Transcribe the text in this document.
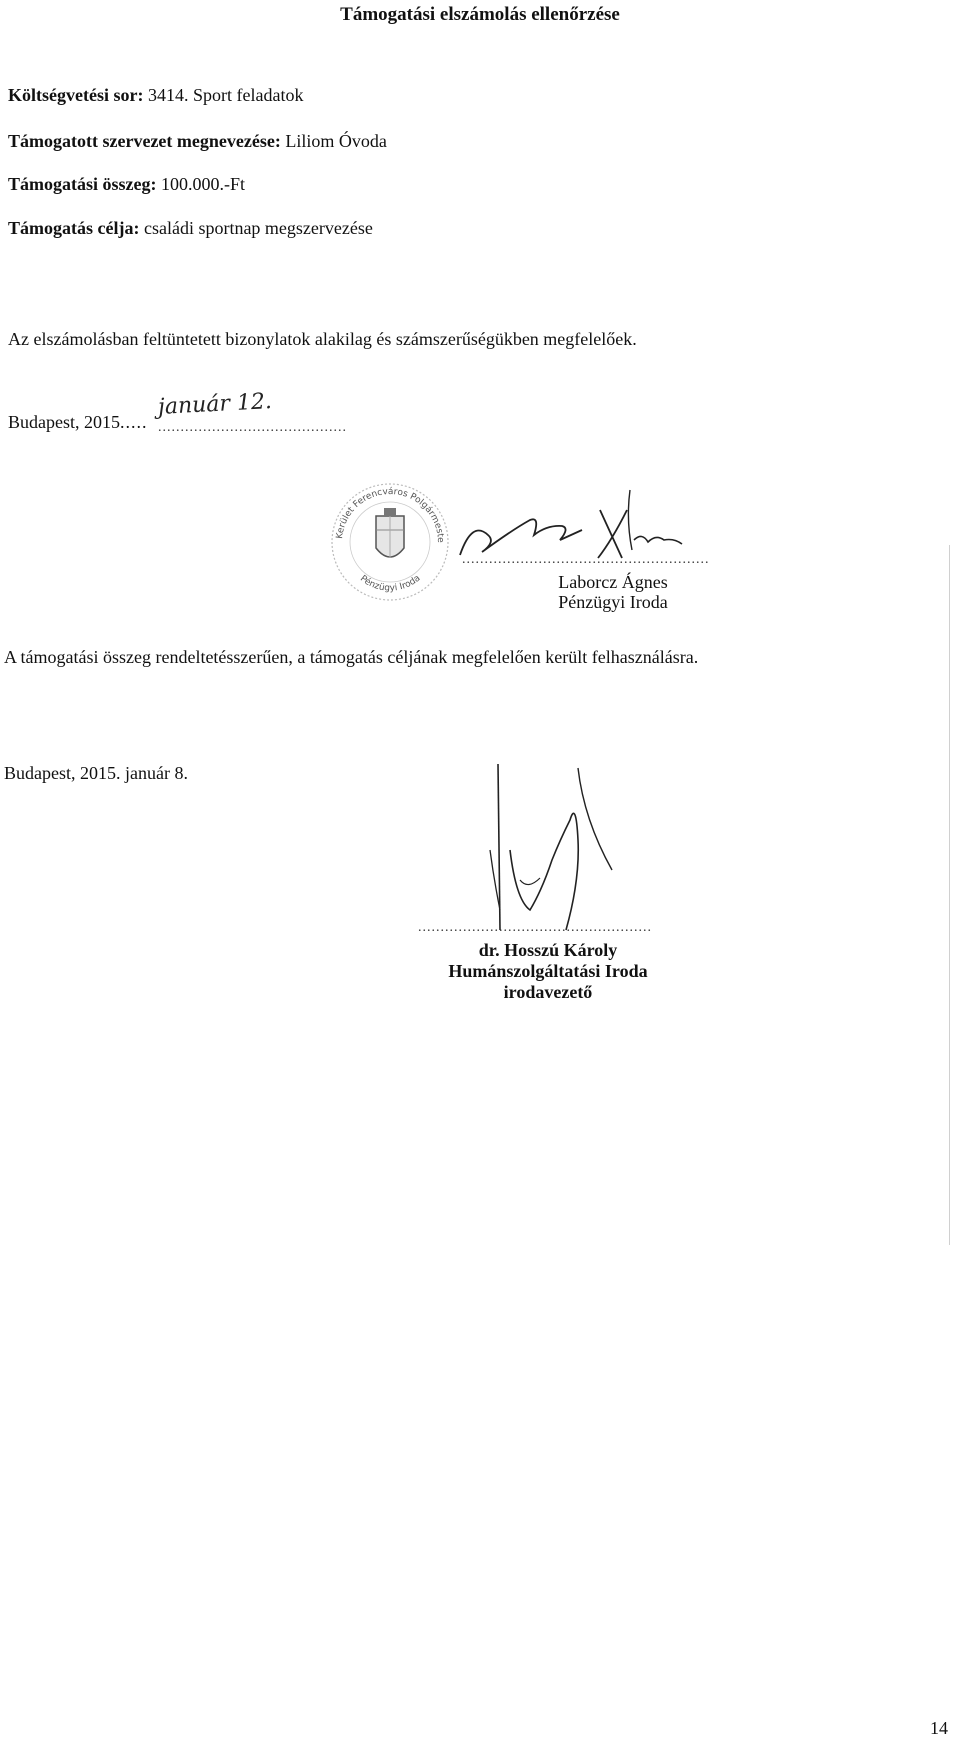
Támogatási elszámolás ellenőrzése
Költségvetési sor: 3414. Sport feladatok
Támogatott szervezet megnevezése: Liliom Óvoda
Támogatási összeg: 100.000.-Ft
Támogatás célja: családi sportnap megszervezése
Az elszámolásban feltüntetett bizonylatok alakilag és számszerűségükben megfelelőek.
Budapest, 2015.....
január 12.
..........................................
Kerület Ferencváros Polgármesteri
Pénzügyi Iroda
.......................................................
Laborcz Ágnes
Pénzügyi Iroda
A támogatási összeg rendeltetésszerűen, a támogatás céljának megfelelően került felhasználásra.
Budapest, 2015. január 8.
....................................................
dr. Hosszú Károly
Humánszolgáltatási Iroda
irodavezető
14
